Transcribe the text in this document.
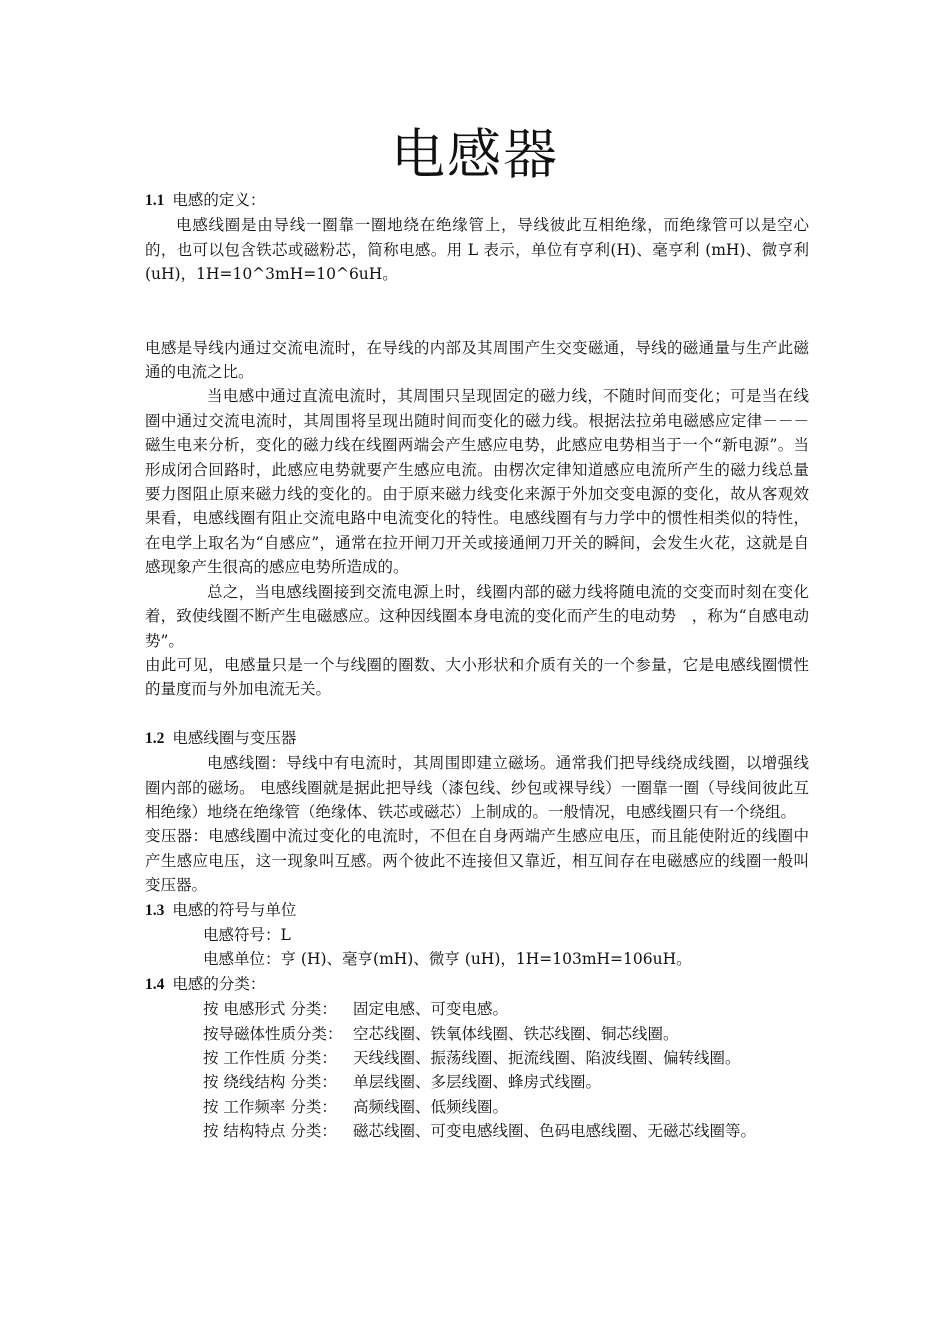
电感器

1.1 电感的定义：

电感线圈是由导线一圈靠一圈地绕在绝缘管上，导线彼此互相绝缘，而绝缘管可以是空心的，也可以包含铁芯或磁粉芯，简称电感。用 L 表示，单位有亨利(H)、毫亨利 (mH)、微亨利(uH)，1H=10^3mH=10^6uH。

电感是导线内通过交流电流时，在导线的内部及其周围产生交变磁通，导线的磁通量与生产此磁通的电流之比。

当电感中通过直流电流时，其周围只呈现固定的磁力线，不随时间而变化；可是当在线圈中通过交流电流时，其周围将呈现出随时间而变化的磁力线。根据法拉弟电磁感应定律－－－磁生电来分析，变化的磁力线在线圈两端会产生感应电势，此感应电势相当于一个“新电源”。当形成闭合回路时，此感应电势就要产生感应电流。由楞次定律知道感应电流所产生的磁力线总量要力图阻止原来磁力线的变化的。由于原来磁力线变化来源于外加交变电源的变化，故从客观效果看，电感线圈有阻止交流电路中电流变化的特性。电感线圈有与力学中的惯性相类似的特性，在电学上取名为“自感应”，通常在拉开闸刀开关或接通闸刀开关的瞬间，会发生火花，这就是自感现象产生很高的感应电势所造成的。

总之，当电感线圈接到交流电源上时，线圈内部的磁力线将随电流的交变而时刻在变化着，致使线圈不断产生电磁感应。这种因线圈本身电流的变化而产生的电动势　，称为“自感电动势”。

由此可见，电感量只是一个与线圈的圈数、大小形状和介质有关的一个参量，它是电感线圈惯性的量度而与外加电流无关。

1.2 电感线圈与变压器

电感线圈：导线中有电流时，其周围即建立磁场。通常我们把导线绕成线圈，以增强线圈内部的磁场。 电感线圈就是据此把导线（漆包线、纱包或裸导线）一圈靠一圈（导线间彼此互相绝缘）地绕在绝缘管（绝缘体、铁芯或磁芯）上制成的。一般情况，电感线圈只有一个绕组。

变压器：电感线圈中流过变化的电流时，不但在自身两端产生感应电压，而且能使附近的线圈中产生感应电压，这一现象叫互感。两个彼此不连接但又靠近，相互间存在电磁感应的线圈一般叫变压器。

1.3 电感的符号与单位

电感符号：L

电感单位：亨 (H)、毫亨(mH)、微亨 (uH)，1H=103mH=106uH。

1.4 电感的分类：

按 电感形式 分类： 固定电感、可变电感。

按导磁体性质分类： 空芯线圈、铁氧体线圈、铁芯线圈、铜芯线圈。

按 工作性质 分类： 天线线圈、振荡线圈、扼流线圈、陷波线圈、偏转线圈。

按 绕线结构 分类： 单层线圈、多层线圈、蜂房式线圈。

按 工作频率 分类： 高频线圈、低频线圈。

按 结构特点 分类： 磁芯线圈、可变电感线圈、色码电感线圈、无磁芯线圈等。
